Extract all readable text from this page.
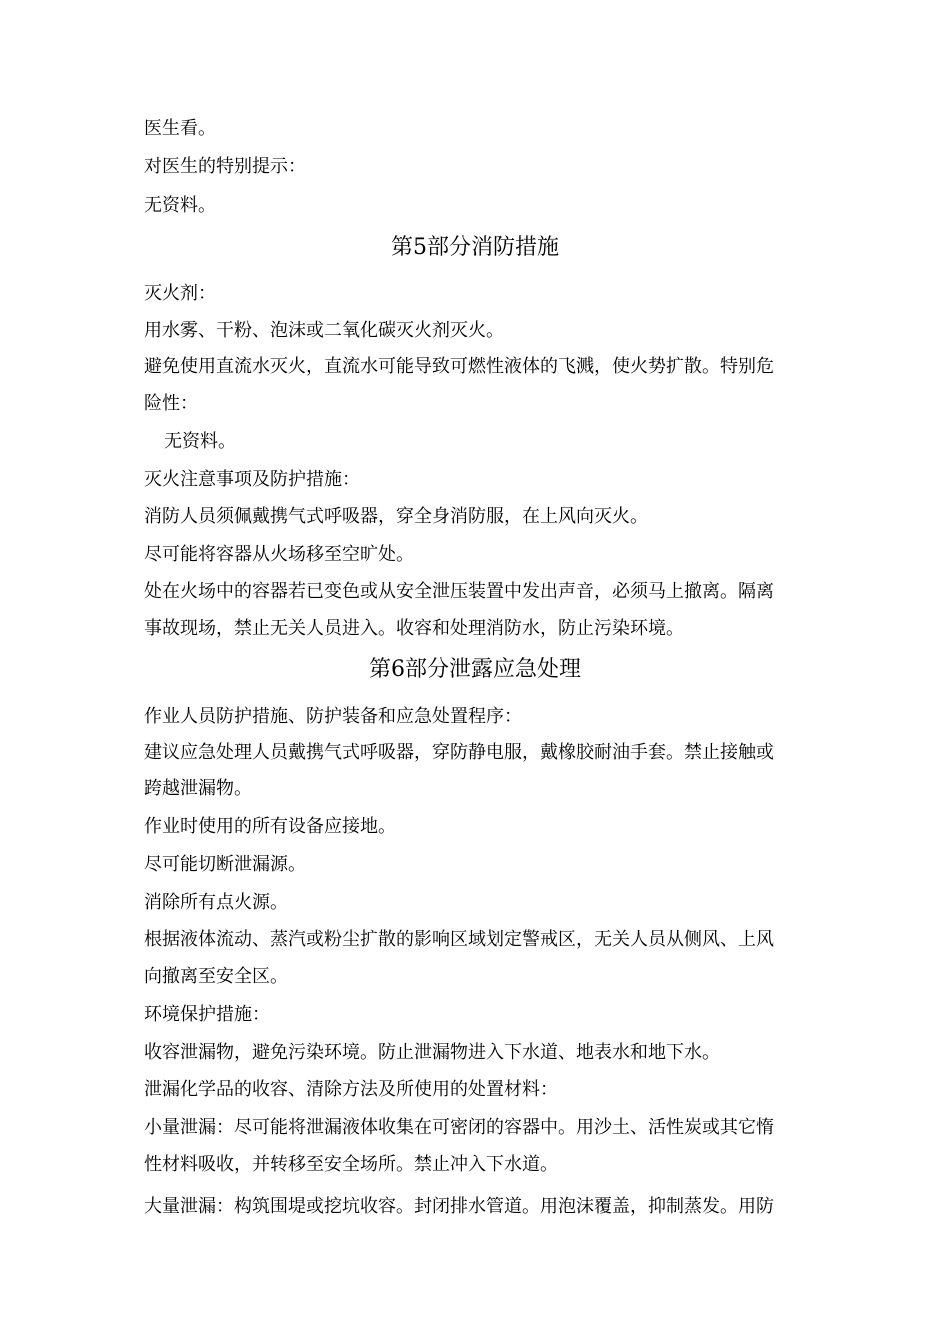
医生看。
对医生的特别提示：
无资料。
第5部分消防措施
灭火剂：
用水雾、干粉、泡沫或二氧化碳灭火剂灭火。
避免使用直流水灭火，直流水可能导致可燃性液体的飞溅，使火势扩散。特别危
险性：
无资料。
灭火注意事项及防护措施：
消防人员须佩戴携气式呼吸器，穿全身消防服，在上风向灭火。
尽可能将容器从火场移至空旷处。
处在火场中的容器若已变色或从安全泄压装置中发出声音，必须马上撤离。隔离
事故现场，禁止无关人员进入。收容和处理消防水，防止污染环境。
第6部分泄露应急处理
作业人员防护措施、防护装备和应急处置程序：
建议应急处理人员戴携气式呼吸器，穿防静电服，戴橡胶耐油手套。禁止接触或
跨越泄漏物。
作业时使用的所有设备应接地。
尽可能切断泄漏源。
消除所有点火源。
根据液体流动、蒸汽或粉尘扩散的影响区域划定警戒区，无关人员从侧风、上风
向撤离至安全区。
环境保护措施：
收容泄漏物，避免污染环境。防止泄漏物进入下水道、地表水和地下水。
泄漏化学品的收容、清除方法及所使用的处置材料：
小量泄漏：尽可能将泄漏液体收集在可密闭的容器中。用沙土、活性炭或其它惰
性材料吸收，并转移至安全场所。禁止冲入下水道。
大量泄漏：构筑围堤或挖坑收容。封闭排水管道。用泡沫覆盖，抑制蒸发。用防
